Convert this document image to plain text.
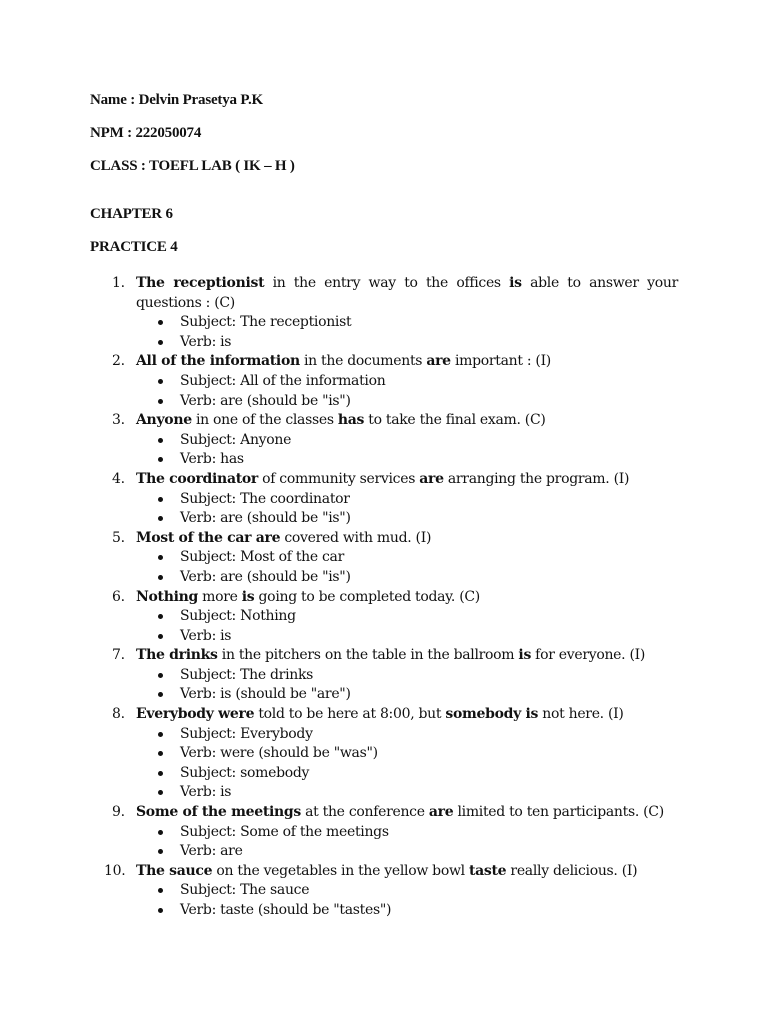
Name : Delvin Prasetya P.K
NPM : 222050074
CLASS : TOEFL LAB ( IK – H )
CHAPTER 6
PRACTICE 4
1. The receptionist in the entry way to the offices is able to answer your questions : (C)
Subject: The receptionist
Verb: is
2. All of the information in the documents are important : (I)
Subject: All of the information
Verb: are (should be "is")
3. Anyone in one of the classes has to take the final exam. (C)
Subject: Anyone
Verb: has
4. The coordinator of community services are arranging the program. (I)
Subject: The coordinator
Verb: are (should be "is")
5. Most of the car are covered with mud. (I)
Subject: Most of the car
Verb: are (should be "is")
6. Nothing more is going to be completed today. (C)
Subject: Nothing
Verb: is
7. The drinks in the pitchers on the table in the ballroom is for everyone. (I)
Subject: The drinks
Verb: is (should be "are")
8. Everybody were told to be here at 8:00, but somebody is not here. (I)
Subject: Everybody
Verb: were (should be "was")
Subject: somebody
Verb: is
9. Some of the meetings at the conference are limited to ten participants. (C)
Subject: Some of the meetings
Verb: are
10. The sauce on the vegetables in the yellow bowl taste really delicious. (I)
Subject: The sauce
Verb: taste (should be "tastes")
